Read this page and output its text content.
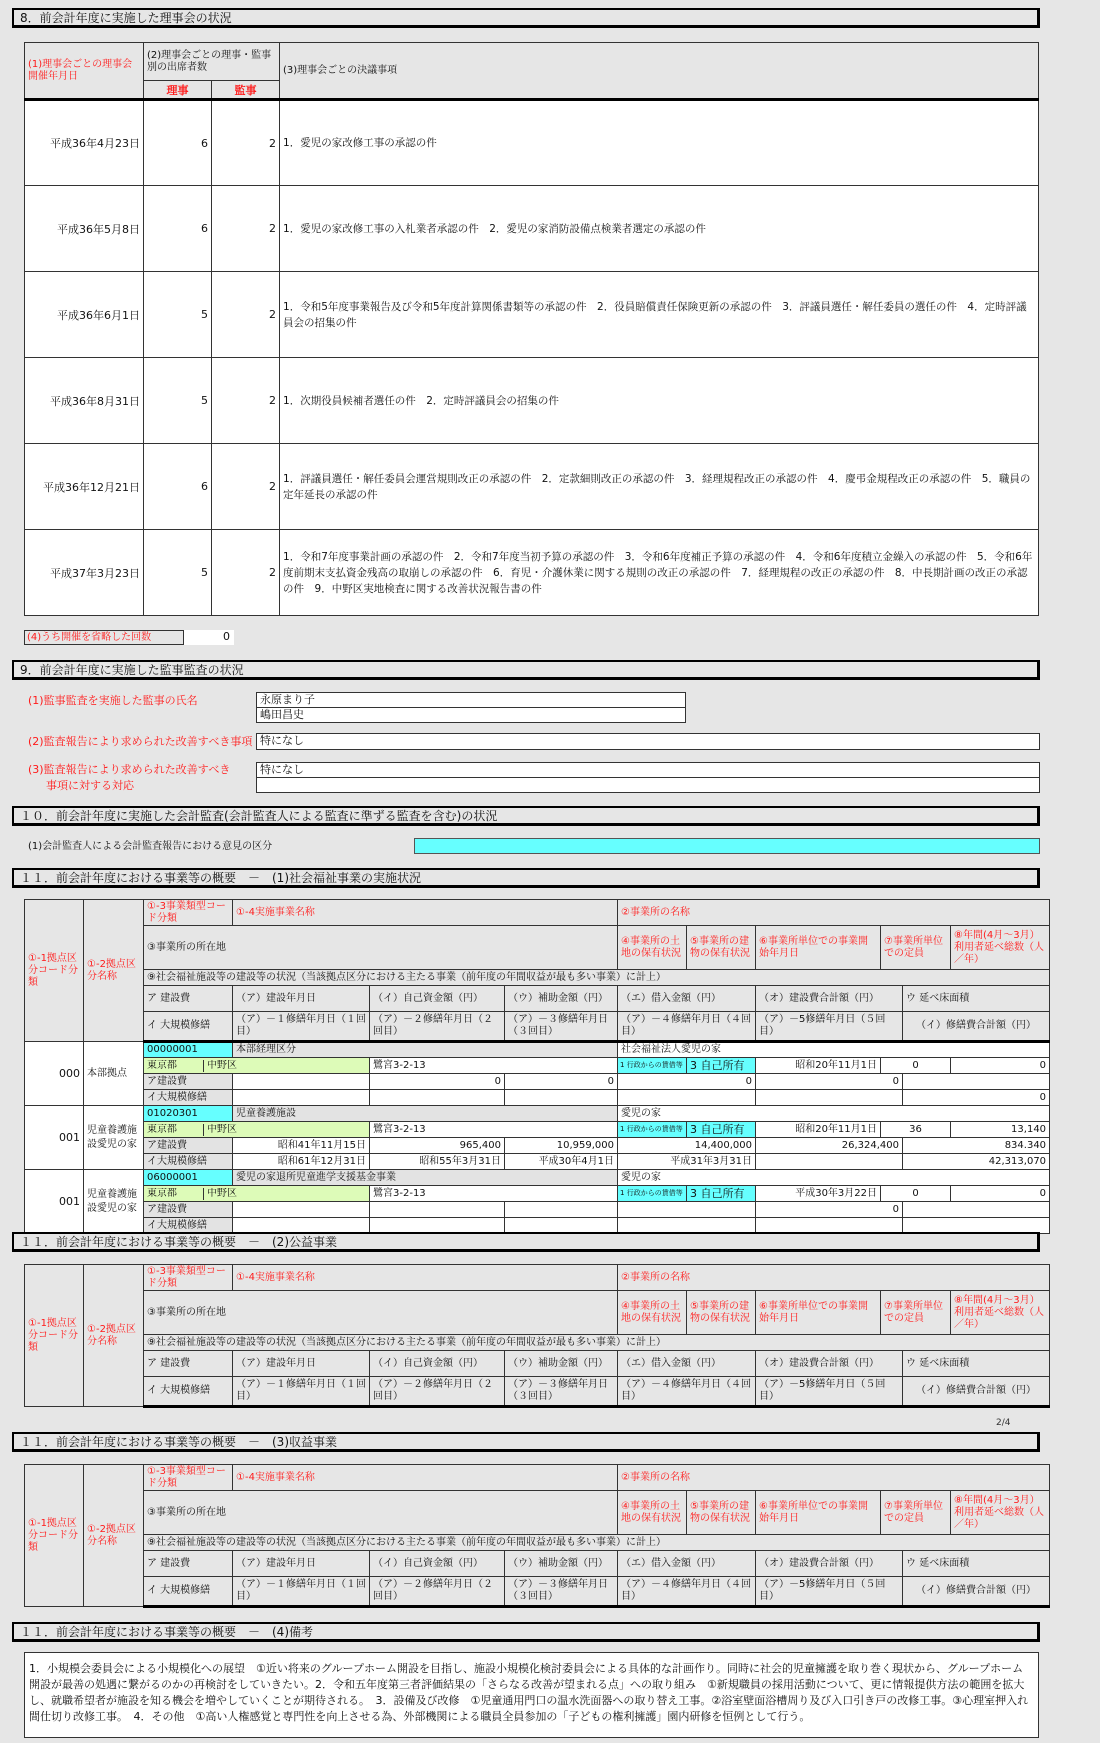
8．前会計年度に実施した理事会の状況
(1)理事会ごとの理事会開催年月日	(2)理事会ごとの理事・監事別の出席者数		(3)理事会ごとの決議事項
	理事	監事	
平成36年4月23日	6	2	1．愛児の家改修工事の承認の件
平成36年5月8日	6	2	1．愛児の家改修工事の入札業者承認の件　2．愛児の家消防設備点検業者選定の承認の件
平成36年6月1日	5	2	1．令和5年度事業報告及び令和5年度計算関係書類等の承認の件　2．役員賠償責任保険更新の承認の件　3．評議員選任・解任委員の選任の件　4．定時評議員会の招集の件
平成36年8月31日	5	2	1．次期役員候補者選任の件　2．定時評議員会の招集の件
平成36年12月21日	6	2	1．評議員選任・解任委員会運営規則改正の承認の件　2．定款細則改正の承認の件　3．経理規程改正の承認の件　4．慶弔金規程改正の承認の件　5．職員の定年延長の承認の件
平成37年3月23日	5	2	1．令和7年度事業計画の承認の件　2．令和7年度当初予算の承認の件　3．令和6年度補正予算の承認の件　4．令和6年度積立金繰入の承認の件　5．令和6年度前期末支払資金残高の取崩しの承認の件　6．育児・介護休業に関する規則の改正の承認の件　7．経理規程の改正の承認の件　8．中長期計画の改正の承認の件　9．中野区実地検査に関する改善状況報告書の件
(4)うち開催を省略した回数	0
9．前会計年度に実施した監事監査の状況
(1)監事監査を実施した監事の氏名	永原まり子
嶋田昌史
(2)監査報告により求められた改善すべき事項 特になし
(3)監査報告により求められた改善すべき
事項に対する対応
特になし
１０．前会計年度に実施した会計監査(会計監査人による監査に準ずる監査を含む)の状況
(1)会計監査人による会計監査報告における意見の区分
１１．前会計年度における事業等の概要　－　(1)社会福祉事業の実施状況
①-1拠点区分コード分類	①-2拠点区分名称	①-3事業類型コード分類	①-4実施事業名称			②事業所の名称					
		③事業所の所在地				④事業所の土地の保有状況	⑤事業所の建物の保有状況	⑥事業所単位での事業開始年月日	⑦事業所単位での定員		⑧年間(4月～3月）利用者延べ総数（人／年）
		⑨社会福祉施設等の建設等の状況（当該拠点区分における主たる事業（前年度の年間収益が最も多い事業）に計上）									
		ア 建設費	（ア）建設年月日	（イ）自己資金額（円）	（ウ）補助金額（円）	（エ）借入金額（円）		（オ）建設費合計額（円）		ウ 延べ床面積	
		イ 大規模修繕	（ア）－１修繕年月日（１回目）	（ア）－２修繕年月日（２回目）	（ア）－３修繕年月日（３回目）	（ア）－４修繕年月日（４回目）		（ア）－5修繕年月日（５回目）		（イ）修繕費合計額（円）	
000	本部拠点	00000001	本部経理区分			社会福祉法人愛児の家					

東京都 中野区		鷺宮3-2-13		1 行政からの賃借等	3 自己所有	昭和20年11月1日	0		0
		ア建設費		0	0	0		0			
		イ大規模修繕								0	
001	児童養護施設愛児の家	01020301	児童養護施設			愛児の家					

東京都 中野区		鷺宮3-2-13		1 行政からの賃借等	3 自己所有	昭和20年11月1日	36		13,140
		ア建設費	昭和41年11月15日	965,400	10,959,000	14,400,000		26,324,400		834.340	
		イ大規模修繕	昭和61年12月31日	昭和55年3月31日	平成30年4月1日	平成31年3月31日				42,313,070	
001	児童養護施設愛児の家	06000001	愛児の家退所児童進学支援基金事業			愛児の家					

東京都 中野区		鷺宮3-2-13		1 行政からの賃借等	3 自己所有	平成30年3月22日	0		0
		ア建設費						0			
		イ大規模修繕									
１１．前会計年度における事業等の概要　－　(2)公益事業
①-1拠点区分コード分類	①-2拠点区分名称	①-3事業類型コード分類	①-4実施事業名称			②事業所の名称					
		③事業所の所在地				④事業所の土地の保有状況	⑤事業所の建物の保有状況	⑥事業所単位での事業開始年月日	⑦事業所単位での定員		⑧年間(4月～3月）利用者延べ総数（人／年）
		⑨社会福祉施設等の建設等の状況（当該拠点区分における主たる事業（前年度の年間収益が最も多い事業）に計上）									
		ア 建設費	（ア）建設年月日	（イ）自己資金額（円）	（ウ）補助金額（円）	（エ）借入金額（円）		（オ）建設費合計額（円）		ウ 延べ床面積	
		イ 大規模修繕	（ア）－１修繕年月日（１回目）	（ア）－２修繕年月日（２回目）	（ア）－３修繕年月日（３回目）	（ア）－４修繕年月日（４回目）		（ア）－5修繕年月日（５回目）		（イ）修繕費合計額（円）	
2/4
１１．前会計年度における事業等の概要　－　(3)収益事業
①-1拠点区分コード分類	①-2拠点区分名称	①-3事業類型コード分類	①-4実施事業名称			②事業所の名称					
		③事業所の所在地				④事業所の土地の保有状況	⑤事業所の建物の保有状況	⑥事業所単位での事業開始年月日	⑦事業所単位での定員		⑧年間(4月～3月）利用者延べ総数（人／年）
		⑨社会福祉施設等の建設等の状況（当該拠点区分における主たる事業（前年度の年間収益が最も多い事業）に計上）									
		ア 建設費	（ア）建設年月日	（イ）自己資金額（円）	（ウ）補助金額（円）	（エ）借入金額（円）		（オ）建設費合計額（円）		ウ 延べ床面積	
		イ 大規模修繕	（ア）－１修繕年月日（１回目）	（ア）－２修繕年月日（２回目）	（ア）－３修繕年月日（３回目）	（ア）－４修繕年月日（４回目）		（ア）－5修繕年月日（５回目）		（イ）修繕費合計額（円）	
１１．前会計年度における事業等の概要　－　(4)備考
1．小規模会委員会による小規模化への展望　①近い将来のグループホーム開設を目指し、施設小規模化検討委員会による具体的な計画作り。同時に社会的児童擁護を取り巻く現状から、グループホーム開設が最善の処遇に繋がるのかの再検討をしていきたい。2．令和五年度第三者評価結果の「さらなる改善が望まれる点」への取り組み　①新規職員の採用活動について、更に情報提供方法の範囲を拡大し、就職希望者が施設を知る機会を増やしていくことが期待される。　3．設備及び改修　①児童通用門口の温水洗面器への取り替え工事。②浴室壁面浴槽周り及び入口引き戸の改修工事。③心理室押入れ間仕切り改修工事。　4．その他　①高い人権感覚と専門性を向上させる為、外部機関による職員全員参加の「子どもの権利擁護」園内研修を恒例として行う。
